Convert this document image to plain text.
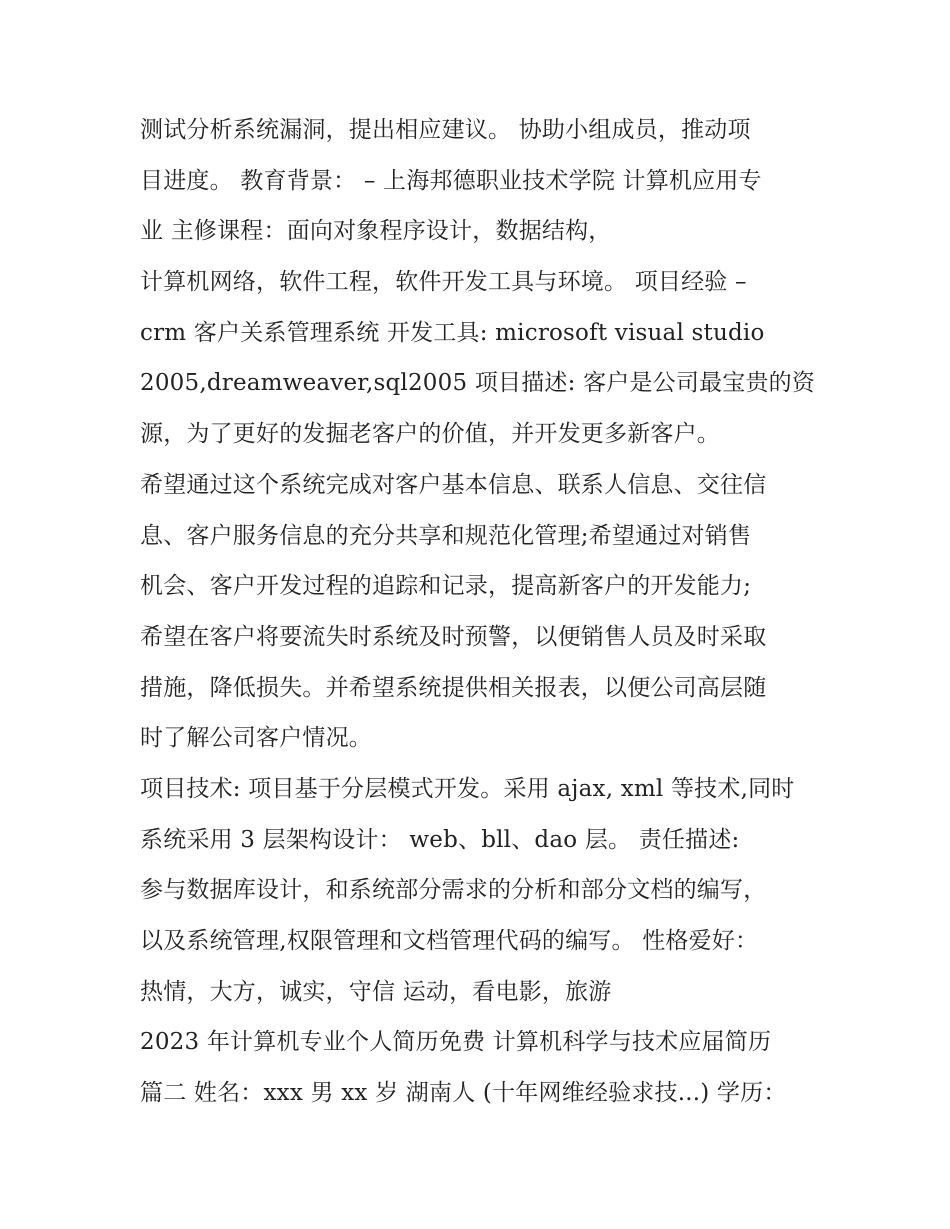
测试分析系统漏洞，提出相应建议。 协助小组成员，推动项
目进度。 教育背景： – 上海邦德职业技术学院 计算机应用专
业 主修课程：面向对象程序设计，数据结构，
计算机网络，软件工程，软件开发工具与环境。 项目经验 –
crm 客户关系管理系统 开发工具: microsoft visual studio
2005,dreamweaver,sql2005 项目描述: 客户是公司最宝贵的资
源，为了更好的发掘老客户的价值，并开发更多新客户。
希望通过这个系统完成对客户基本信息、联系人信息、交往信
息、客户服务信息的充分共享和规范化管理;希望通过对销售
机会、客户开发过程的追踪和记录，提高新客户的开发能力;
希望在客户将要流失时系统及时预警，以便销售人员及时采取
措施，降低损失。并希望系统提供相关报表，以便公司高层随
时了解公司客户情况。
项目技术: 项目基于分层模式开发。采用 ajax, xml 等技术,同时
系统采用 3 层架构设计： web、bll、dao 层。 责任描述:
参与数据库设计，和系统部分需求的分析和部分文档的编写，
以及系统管理,权限管理和文档管理代码的编写。 性格爱好：
热情，大方，诚实，守信 运动，看电影，旅游
2023 年计算机专业个人简历免费 计算机科学与技术应届简历
篇二 姓名：xxx 男 xx 岁 湖南人 (十年网维经验求技...) 学历：
